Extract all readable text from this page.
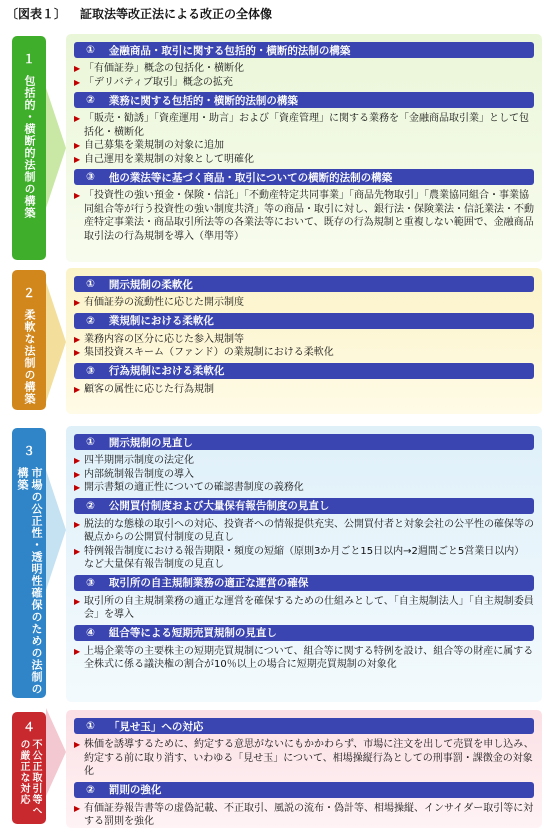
〔図表１〕 証取法等改正法による改正の全体像
１
包括的・横断的法制の構築
① 金融商品・取引に関する包括的・横断的法制の構築
▶ 「有価証券」概念の包括化・横断化
▶ 「デリバティブ取引」概念の拡充
② 業務に関する包括的・横断的法制の構築
▶ 「販売・勧誘」「資産運用・助言」および「資産管理」に関する業務を「金融商品取引業」として包括化・横断化
▶ 自己募集を業規制の対象に追加
▶ 自己運用を業規制の対象として明確化
③ 他の業法等に基づく商品・取引についての横断的法制の構築
▶ 「投資性の強い預金・保険・信託」「不動産特定共同事業」「商品先物取引」「農業協同組合・事業協同組合等が行う投資性の強い制度共済」等の商品・取引に対し、銀行法・保険業法・信託業法・不動産特定事業法・商品取引所法等の各業法等において、既存の行為規制と重複しない範囲で、金融商品取引法の行為規制を導入（準用等）
２
柔軟な法制の構築
① 開示規制の柔軟化
▶ 有価証券の流動性に応じた開示制度
② 業規制における柔軟化
▶ 業務内容の区分に応じた参入規制等
▶ 集団投資スキーム（ファンド）の業規制における柔軟化
③ 行為規制における柔軟化
▶ 顧客の属性に応じた行為規制
３
市場の公正性・透明性確保のための法制の構築
① 開示規制の見直し
▶ 四半期開示制度の法定化
▶ 内部統制報告制度の導入
▶ 開示書類の適正性についての確認書制度の義務化
② 公開買付制度および大量保有報告制度の見直し
▶ 脱法的な態様の取引への対応、投資者への情報提供充実、公開買付者と対象会社の公平性の確保等の観点からの公開買付制度の見直し
▶ 特例報告制度における報告期限・頻度の短縮（原則3か月ごと15日以内→2週間ごと5営業日以内）など大量保有報告制度の見直し
③ 取引所の自主規制業務の適正な運営の確保
▶ 取引所の自主規制業務の適正な運営を確保するための仕組みとして、「自主規制法人」「自主規制委員会」を導入
④ 組合等による短期売買規制の見直し
▶ 上場企業等の主要株主の短期売買規制について、組合等に関する特例を設け、組合等の財産に属する全株式に係る議決権の割合が10％以上の場合に短期売買規制の対象化
４
不公正取引等への厳正な対応
① 「見せ玉」への対応
▶ 株価を誘導するために、約定する意思がないにもかかわらず、市場に注文を出して売買を申し込み、約定する前に取り消す、いわゆる「見せ玉」について、相場操縦行為としての刑事罰・課徴金の対象化
② 罰則の強化
▶ 有価証券報告書等の虚偽記載、不正取引、風説の流布・偽計等、相場操縦、インサイダー取引等に対する罰則を強化
